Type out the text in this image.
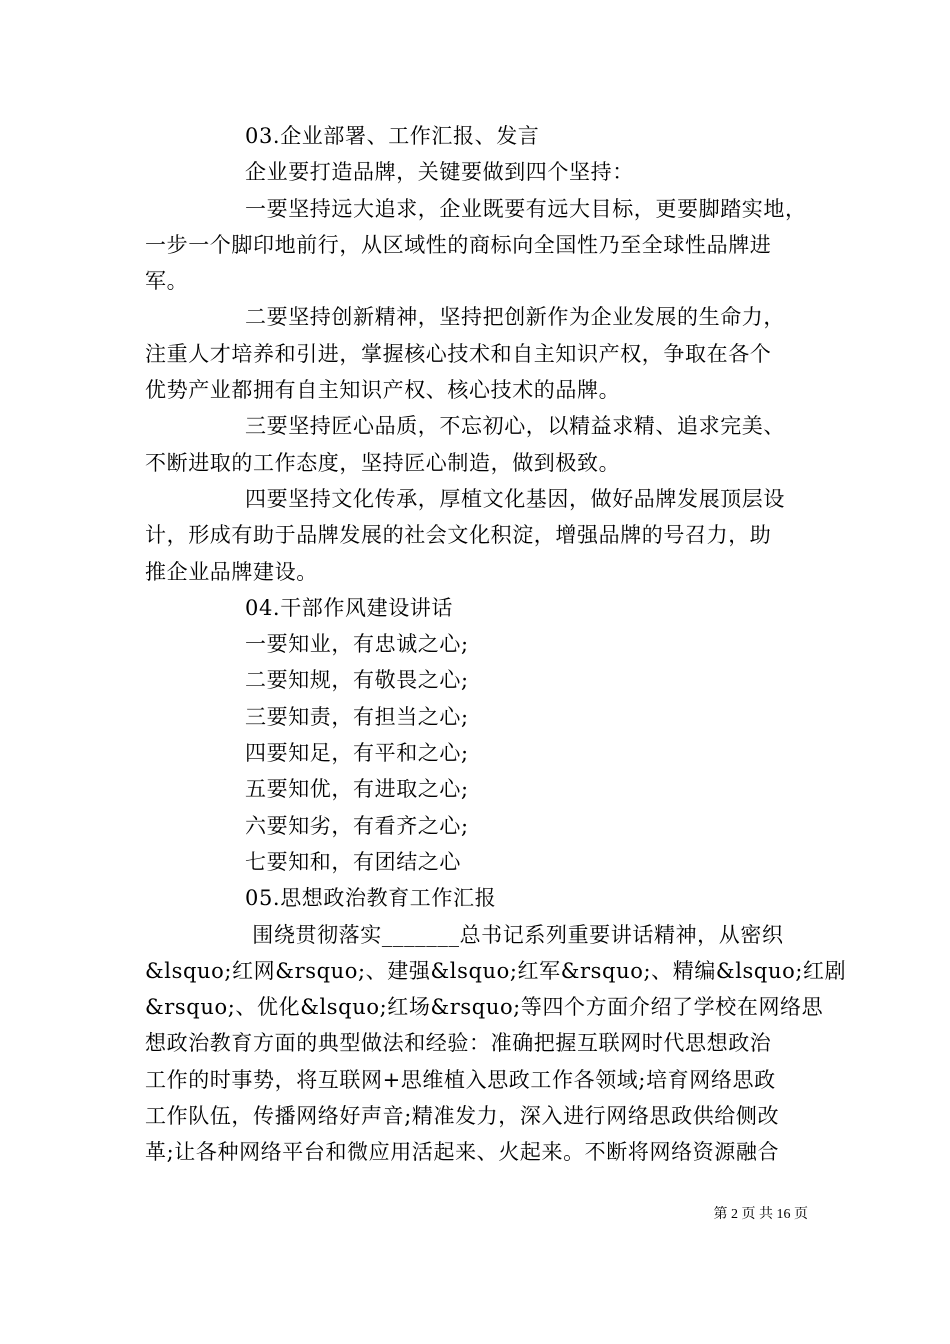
03.企业部署、工作汇报、发言
企业要打造品牌，关键要做到四个坚持：
一要坚持远大追求，企业既要有远大目标，更要脚踏实地，
一步一个脚印地前行，从区域性的商标向全国性乃至全球性品牌进
军。
二要坚持创新精神，坚持把创新作为企业发展的生命力，
注重人才培养和引进，掌握核心技术和自主知识产权，争取在各个
优势产业都拥有自主知识产权、核心技术的品牌。
三要坚持匠心品质，不忘初心，以精益求精、追求完美、
不断进取的工作态度，坚持匠心制造，做到极致。
四要坚持文化传承，厚植文化基因，做好品牌发展顶层设
计，形成有助于品牌发展的社会文化积淀，增强品牌的号召力，助
推企业品牌建设。
04.干部作风建设讲话
一要知业，有忠诚之心;
二要知规，有敬畏之心;
三要知责，有担当之心;
四要知足，有平和之心;
五要知优，有进取之心;
六要知劣，有看齐之心;
七要知和，有团结之心
05.思想政治教育工作汇报
围绕贯彻落实_______总书记系列重要讲话精神，从密织
&lsquo;红网&rsquo;、建强&lsquo;红军&rsquo;、精编&lsquo;红剧
&rsquo;、优化&lsquo;红场&rsquo;等四个方面介绍了学校在网络思
想政治教育方面的典型做法和经验：准确把握互联网时代思想政治
工作的时事势，将互联网+思维植入思政工作各领域;培育网络思政
工作队伍，传播网络好声音;精准发力，深入进行网络思政供给侧改
革;让各种网络平台和微应用活起来、火起来。不断将网络资源融合
第 2 页 共 16 页
